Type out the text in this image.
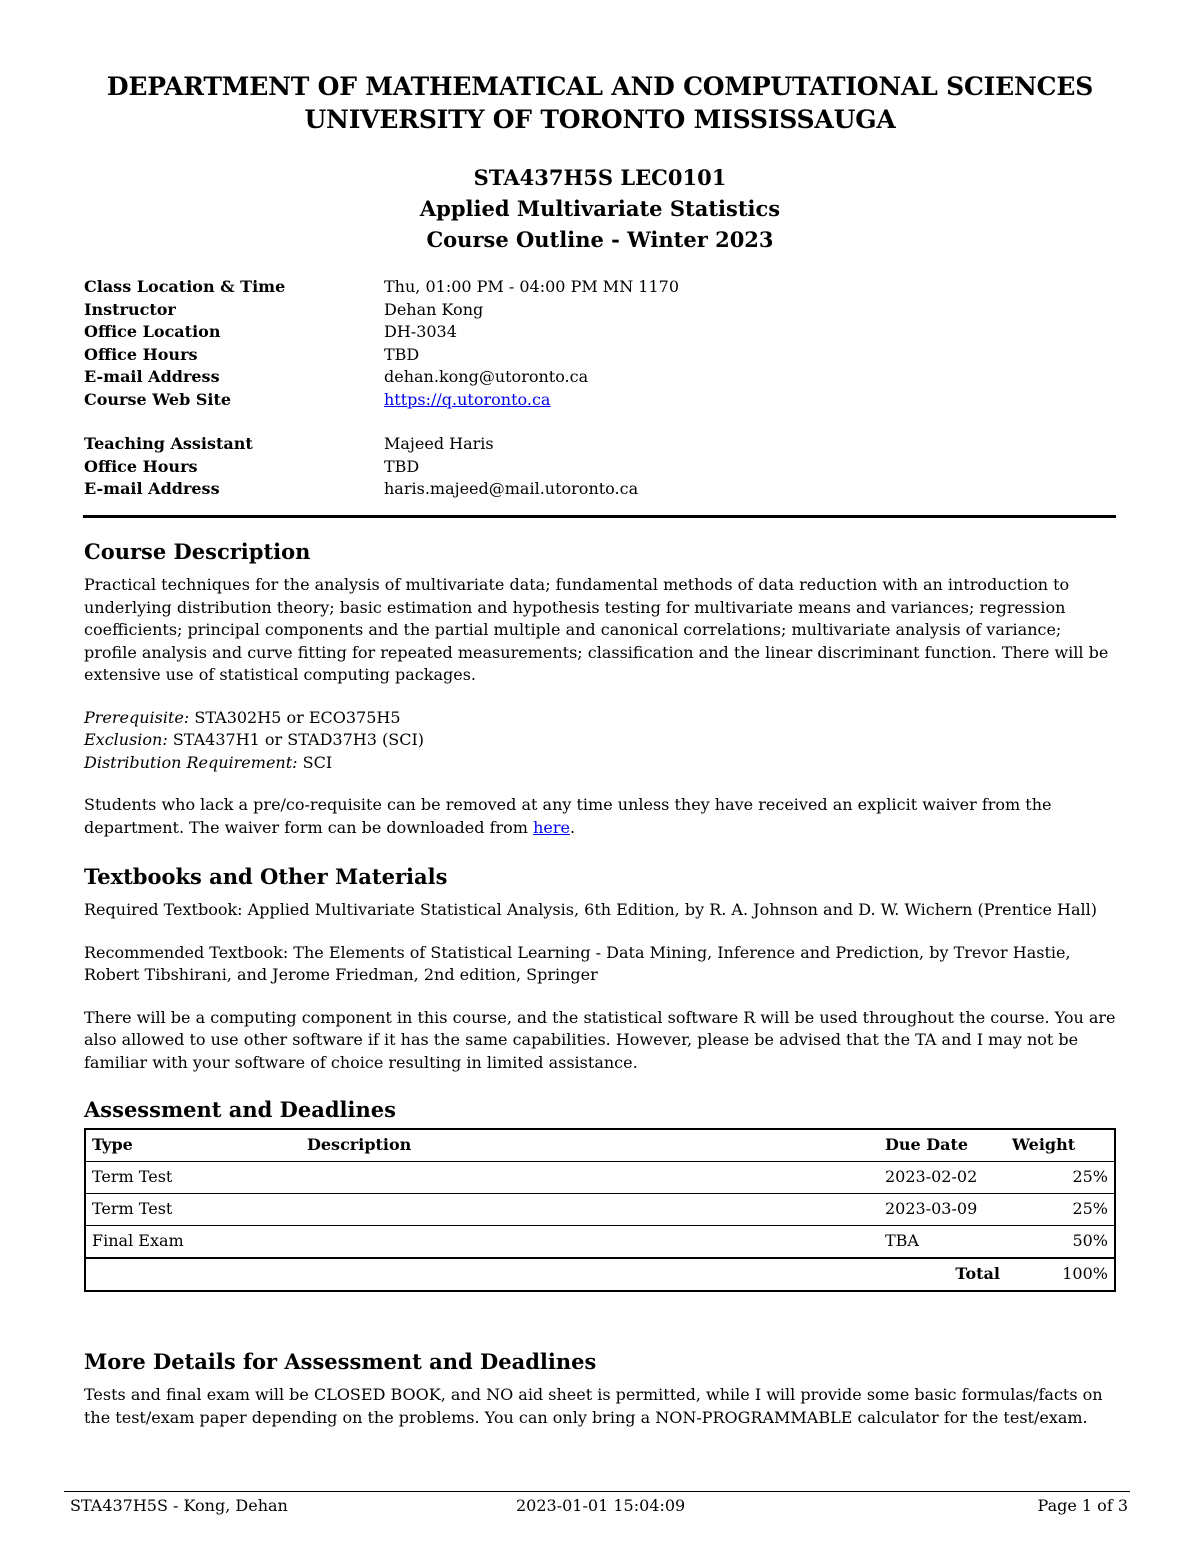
DEPARTMENT OF MATHEMATICAL AND COMPUTATIONAL SCIENCES
UNIVERSITY OF TORONTO MISSISSAUGA
STA437H5S LEC0101
Applied Multivariate Statistics
Course Outline - Winter 2023
Class Location & Time	Thu, 01:00 PM - 04:00 PM MN 1170
Instructor	Dehan Kong
Office Location	DH-3034
Office Hours	TBD
E-mail Address	dehan.kong@utoronto.ca
Course Web Site	https://q.utoronto.ca
Teaching Assistant	Majeed Haris
Office Hours	TBD
E-mail Address	haris.majeed@mail.utoronto.ca
Course Description

Practical techniques for the analysis of multivariate data; fundamental methods of data reduction with an introduction to underlying distribution theory; basic estimation and hypothesis testing for multivariate means and variances; regression coefficients; principal components and the partial multiple and canonical correlations; multivariate analysis of variance; profile analysis and curve fitting for repeated measurements; classification and the linear discriminant function. There will be extensive use of statistical computing packages.

Prerequisite: STA302H5 or ECO375H5
Exclusion: STA437H1 or STAD37H3 (SCI)
Distribution Requirement: SCI

Students who lack a pre/co-requisite can be removed at any time unless they have received an explicit waiver from the department. The waiver form can be downloaded from here.

Textbooks and Other Materials

Required Textbook: Applied Multivariate Statistical Analysis, 6th Edition, by R. A. Johnson and D. W. Wichern (Prentice Hall)

Recommended Textbook: The Elements of Statistical Learning - Data Mining, Inference and Prediction, by Trevor Hastie, Robert Tibshirani, and Jerome Friedman, 2nd edition, Springer

There will be a computing component in this course, and the statistical software R will be used throughout the course. You are also allowed to use other software if it has the same capabilities. However, please be advised that the TA and I may not be familiar with your software of choice resulting in limited assistance.

Assessment and Deadlines
Type	Description	Due Date	Weight
Term Test		2023-02-02	25%
Term Test		2023-03-09	25%
Final Exam		TBA	50%
		Total	100%
More Details for Assessment and Deadlines

Tests and final exam will be CLOSED BOOK, and NO aid sheet is permitted, while I will provide some basic formulas/facts on the test/exam paper depending on the problems. You can only bring a NON-PROGRAMMABLE calculator for the test/exam.

STA437H5S - Kong, Dehan	2023-01-01 15:04:09	Page 1 of 3
